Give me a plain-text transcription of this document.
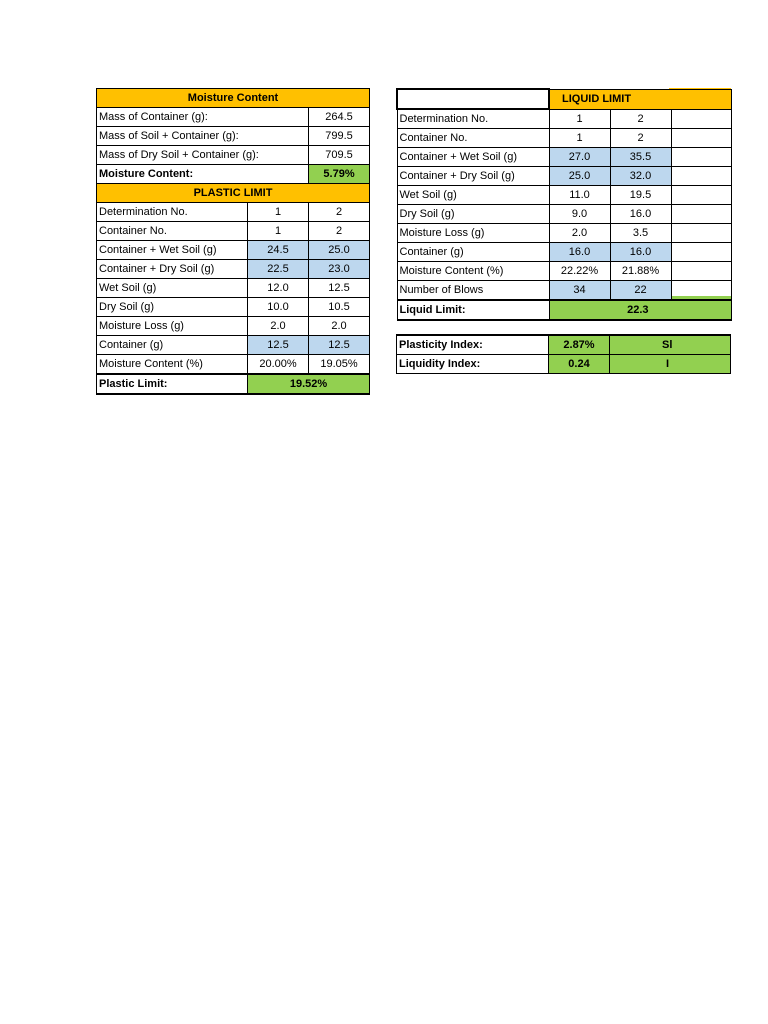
Moisture Content		
Mass of Container (g):		264.5
Mass of Soil + Container (g):		799.5
Mass of Dry Soil + Container (g):		709.5
Moisture Content:		5.79%
PLASTIC LIMIT		
Determination No.	1	2
Container No.	1	2
Container + Wet Soil (g)	24.5	25.0
Container + Dry Soil (g)	22.5	23.0
Wet Soil (g)	12.0	12.5
Dry Soil (g)	10.0	10.5
Moisture Loss (g)	2.0	2.0
Container (g)	12.5	12.5
Moisture Content (%)	20.00%	19.05%
Plastic Limit:	19.52%	
	LIQUID LIMIT		
Determination No.	1	2	
Container No.	1	2	
Container + Wet Soil (g)	27.0	35.5	
Container + Dry Soil (g)	25.0	32.0	
Wet Soil (g)	11.0	19.5	
Dry Soil (g)	9.0	16.0	
Moisture Loss (g)	2.0	3.5	
Container (g)	16.0	16.0	
Moisture Content (%)	22.22%	21.88%	
Number of Blows	34	22	
Liquid Limit:	22.3		
Plasticity Index:	2.87%	Sl
Liquidity Index:	0.24	I
